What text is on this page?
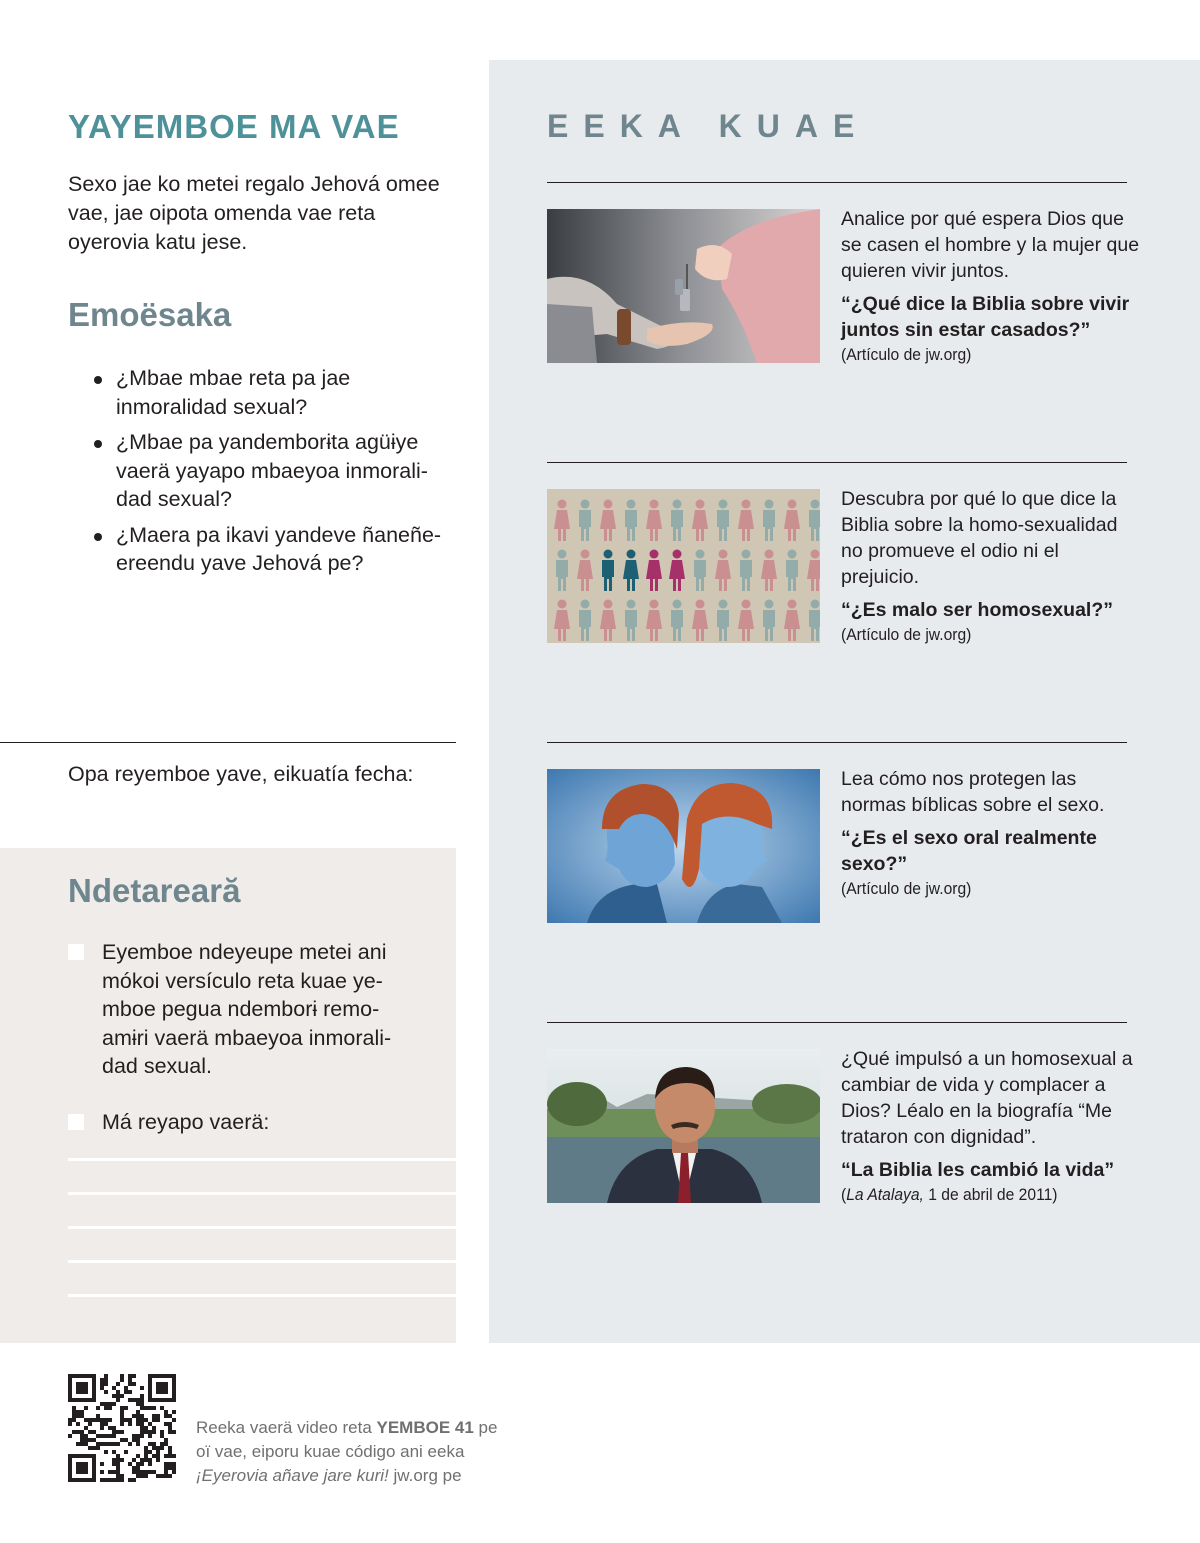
YAYEMBOE MA VAE

Sexo jae ko metei regalo Jehová omee vae, jae oipota omenda vae reta oyerovia katu jese.

Emoësaka
¿Mbae mbae reta pa jae inmoralidad sexual?
¿Mbae pa yandemborɨta agüɨye vaerä yayapo mbaeyoa inmorali-dad sexual?
¿Maera pa ikavi yandeve ñaneñe-ereendu yave Jehová pe?

Opa reyemboe yave, eikuatía fecha:

Ndetareară
Eyemboe ndeyeupe metei ani mókoi versículo reta kuae ye-mboe pegua ndemborɨ remo-amɨri vaerä mbaeyoa inmorali-dad sexual.
Má reyapo vaerä:
EEKA KUAE

Analice por qué espera Dios que se casen el hombre y la mujer que quieren vivir juntos.

“¿Qué dice la Biblia sobre vivir juntos sin estar casados?”

(Artículo de jw.org)

Descubra por qué lo que dice la Biblia sobre la homo-sexualidad no promueve el odio ni el prejuicio.

“¿Es malo ser homosexual?”

(Artículo de jw.org)

Lea cómo nos protegen las normas bíblicas sobre el sexo.

“¿Es el sexo oral realmente sexo?”

(Artículo de jw.org)

¿Qué impulsó a un homosexual a cambiar de vida y complacer a Dios? Léalo en la biografía “Me trataron con dignidad”.

“La Biblia les cambió la vida”

(La Atalaya, 1 de abril de 2011)

Reeka vaerä video reta YEMBOE 41 pe
oï vae, eiporu kuae código ani eeka
¡Eyerovia añave jare kuri! jw.org pe
